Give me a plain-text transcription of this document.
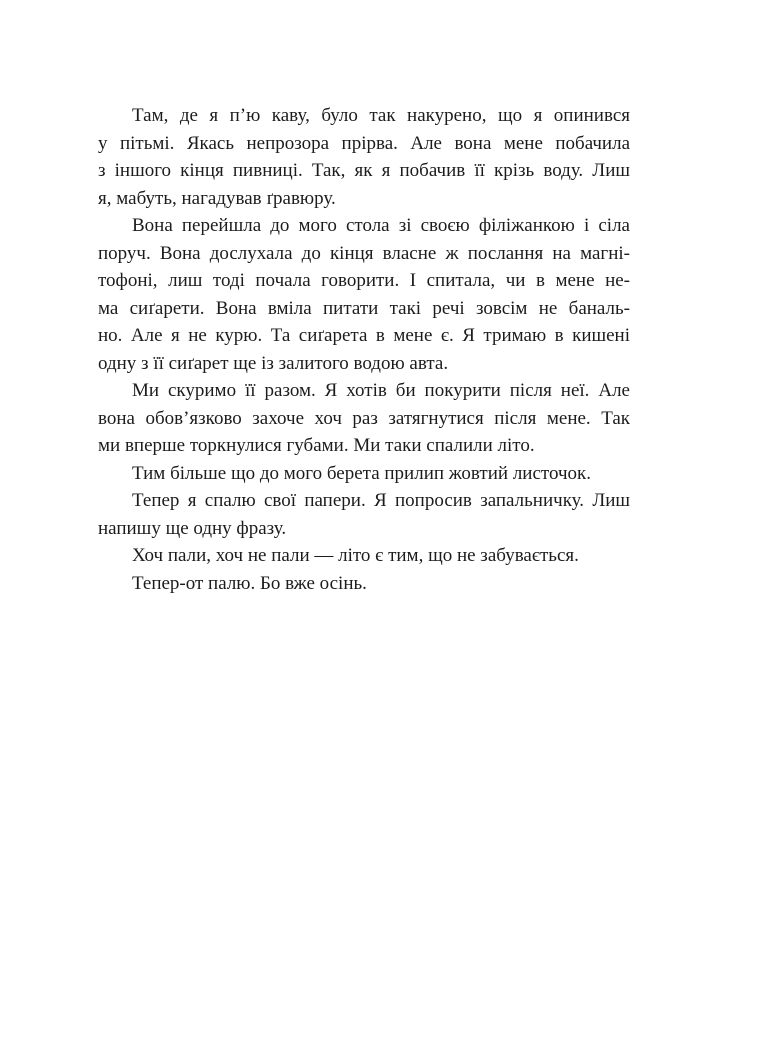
Там, де я п’ю каву, було так накурено, що я опинився
у пітьмі. Якась непрозора прірва. Але вона мене побачила
з іншого кінця пивниці. Так, як я побачив її крізь воду. Лиш
я, мабуть, нагадував ґравюру.
Вона перейшла до мого стола зі своєю філіжанкою і сіла
поруч. Вона дослухала до кінця власне ж послання на магні-
тофоні, лиш тоді почала говорити. І спитала, чи в мене не-
ма сиґарети. Вона вміла питати такі речі зовсім не баналь-
но. Але я не курю. Та сиґарета в мене є. Я тримаю в кишені
одну з її сиґарет ще із залитого водою авта.
Ми скуримо її разом. Я хотів би покурити після неї. Але
вона обов’язково захоче хоч раз затягнутися після мене. Так
ми вперше торкнулися губами. Ми таки спалили літо.
Тим більше що до мого берета прилип жовтий листочок.
Тепер я спалю свої папери. Я попросив запальничку. Лиш
напишу ще одну фразу.
Хоч пали, хоч не пали — літо є тим, що не забувається.
Тепер-от палю. Бо вже осінь.
